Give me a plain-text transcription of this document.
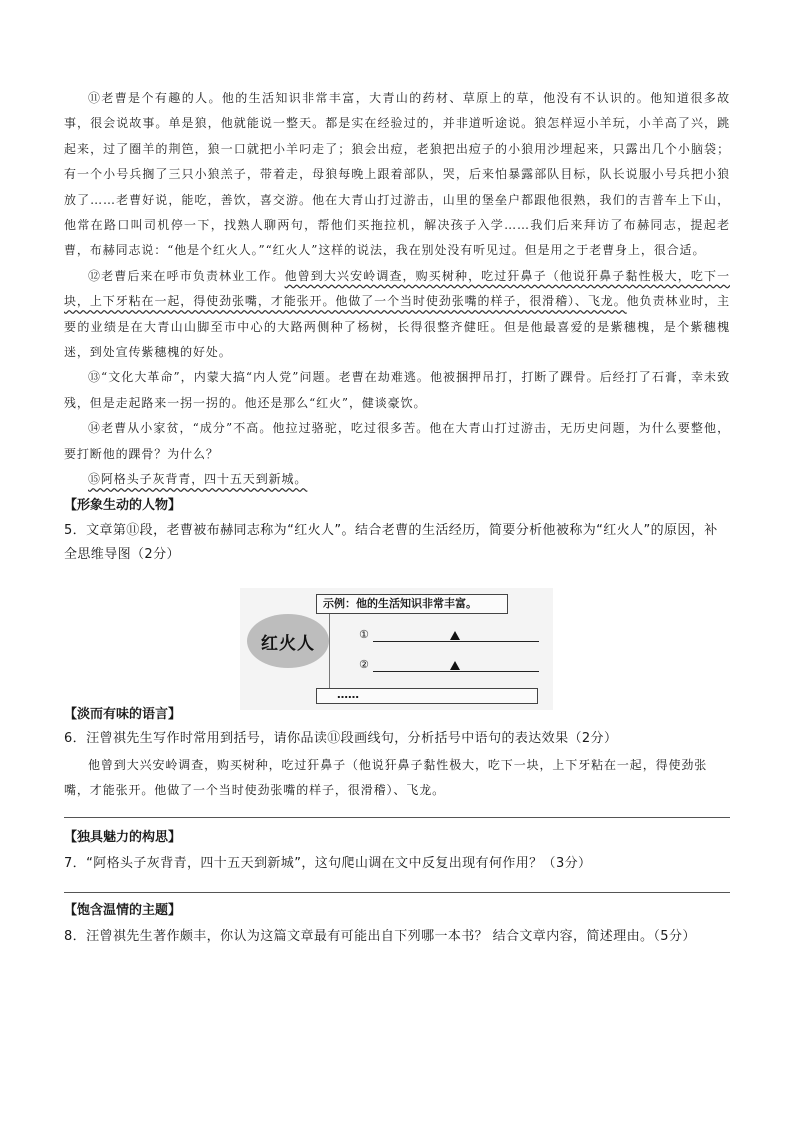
⑪老曹是个有趣的人。他的生活知识非常丰富，大青山的药材、草原上的草，他没有不认识的。他知道很多故事，很会说故事。单是狼，他就能说一整天。都是实在经验过的，并非道听途说。狼怎样逗小羊玩，小羊高了兴，跳起来，过了圈羊的荆笆，狼一口就把小羊叼走了；狼会出痘，老狼把出痘子的小狼用沙埋起来，只露出几个小脑袋；有一个小号兵搁了三只小狼羔子，带着走，母狼每晚上跟着部队，哭，后来怕暴露部队目标，队长说服小号兵把小狼放了……老曹好说，能吃，善饮，喜交游。他在大青山打过游击，山里的堡垒户都跟他很熟，我们的吉普车上下山，他常在路口叫司机停一下，找熟人聊两句，帮他们买拖拉机，解决孩子入学……我们后来拜访了布赫同志，提起老曹，布赫同志说：“他是个红火人。”“红火人”这样的说法，我在别处没有听见过。但是用之于老曹身上，很合适。

⑫老曹后来在呼市负责林业工作。他曾到大兴安岭调查，购买树种，吃过犴鼻子（他说犴鼻子黏性极大，吃下一块，上下牙粘在一起，得使劲张嘴，才能张开。他做了一个当时使劲张嘴的样子，很滑稽）、飞龙。他负责林业时，主要的业绩是在大青山山脚至市中心的大路两侧种了杨树，长得很整齐健旺。但是他最喜爱的是紫穗槐，是个紫穗槐迷，到处宣传紫穗槐的好处。

⑬“文化大革命”，内蒙大搞“内人党”问题。老曹在劫难逃。他被捆押吊打，打断了踝骨。后经打了石膏，幸未致残，但是走起路来一拐一拐的。他还是那么“红火”，健谈豪饮。

⑭老曹从小家贫，“成分”不高。他拉过骆驼，吃过很多苦。他在大青山打过游击，无历史问题，为什么要整他，要打断他的踝骨？为什么？

⑮阿格头子灰背青，四十五天到新城。

【形象生动的人物】

5．文章第⑪段，老曹被布赫同志称为“红火人”。结合老曹的生活经历，简要分析他被称为“红火人”的原因，补全思维导图（2分）

【淡而有味的语言】

6．汪曾祺先生写作时常用到括号，请你品读⑪段画线句，分析括号中语句的表达效果（2分）

他曾到大兴安岭调查，购买树种，吃过犴鼻子（他说犴鼻子黏性极大，吃下一块，上下牙粘在一起，得使劲张嘴，才能张开。他做了一个当时使劲张嘴的样子，很滑稽）、飞龙。

【独具魅力的构思】

7．“阿格头子灰背青，四十五天到新城”，这句爬山调在文中反复出现有何作用？（3分）

【饱含温情的主题】

8．汪曾祺先生著作颇丰，你认为这篇文章最有可能出自下列哪一本书？ 结合文章内容，简述理由。（5分）

红火人
示例：他的生活知识非常丰富。
①
②
……
